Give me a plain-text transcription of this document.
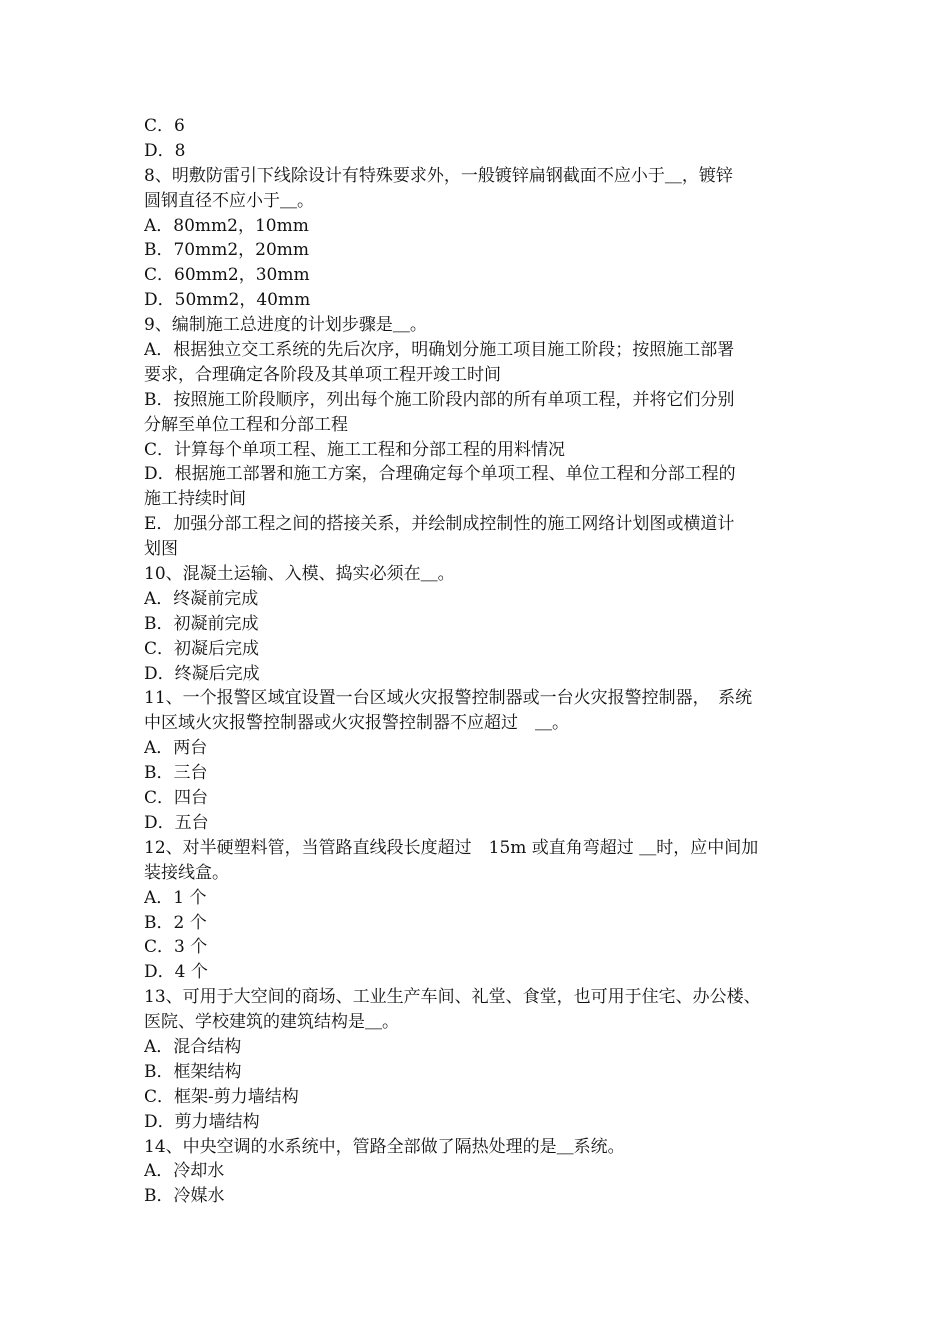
C．6
D．8
8、明敷防雷引下线除设计有特殊要求外，一般镀锌扁钢截面不应小于＿，镀锌
圆钢直径不应小于＿。
A．80mm2，10mm
B．70mm2，20mm
C．60mm2，30mm
D．50mm2，40mm
9、编制施工总进度的计划步骤是＿。
A．根据独立交工系统的先后次序，明确划分施工项目施工阶段；按照施工部署
要求，合理确定各阶段及其单项工程开竣工时间
B．按照施工阶段顺序，列出每个施工阶段内部的所有单项工程，并将它们分别
分解至单位工程和分部工程
C．计算每个单项工程、施工工程和分部工程的用料情况
D．根据施工部署和施工方案，合理确定每个单项工程、单位工程和分部工程的
施工持续时间
E．加强分部工程之间的搭接关系，并绘制成控制性的施工网络计划图或横道计
划图
10、混凝土运输、入模、捣实必须在＿。
A．终凝前完成
B．初凝前完成
C．初凝后完成
D．终凝后完成
11、一个报警区域宜设置一台区域火灾报警控制器或一台火灾报警控制器，　系统
中区域火灾报警控制器或火灾报警控制器不应超过　＿。
A．两台
B．三台
C．四台
D．五台
12、对半硬塑料管，当管路直线段长度超过　15m 或直角弯超过 ＿时，应中间加
装接线盒。
A．1 个
B．2 个
C．3 个
D．4 个
13、可用于大空间的商场、工业生产车间、礼堂、食堂，也可用于住宅、办公楼、
医院、学校建筑的建筑结构是＿。
A．混合结构
B．框架结构
C．框架-剪力墙结构
D．剪力墙结构
14、中央空调的水系统中，管路全部做了隔热处理的是＿系统。
A．冷却水
B．冷媒水
